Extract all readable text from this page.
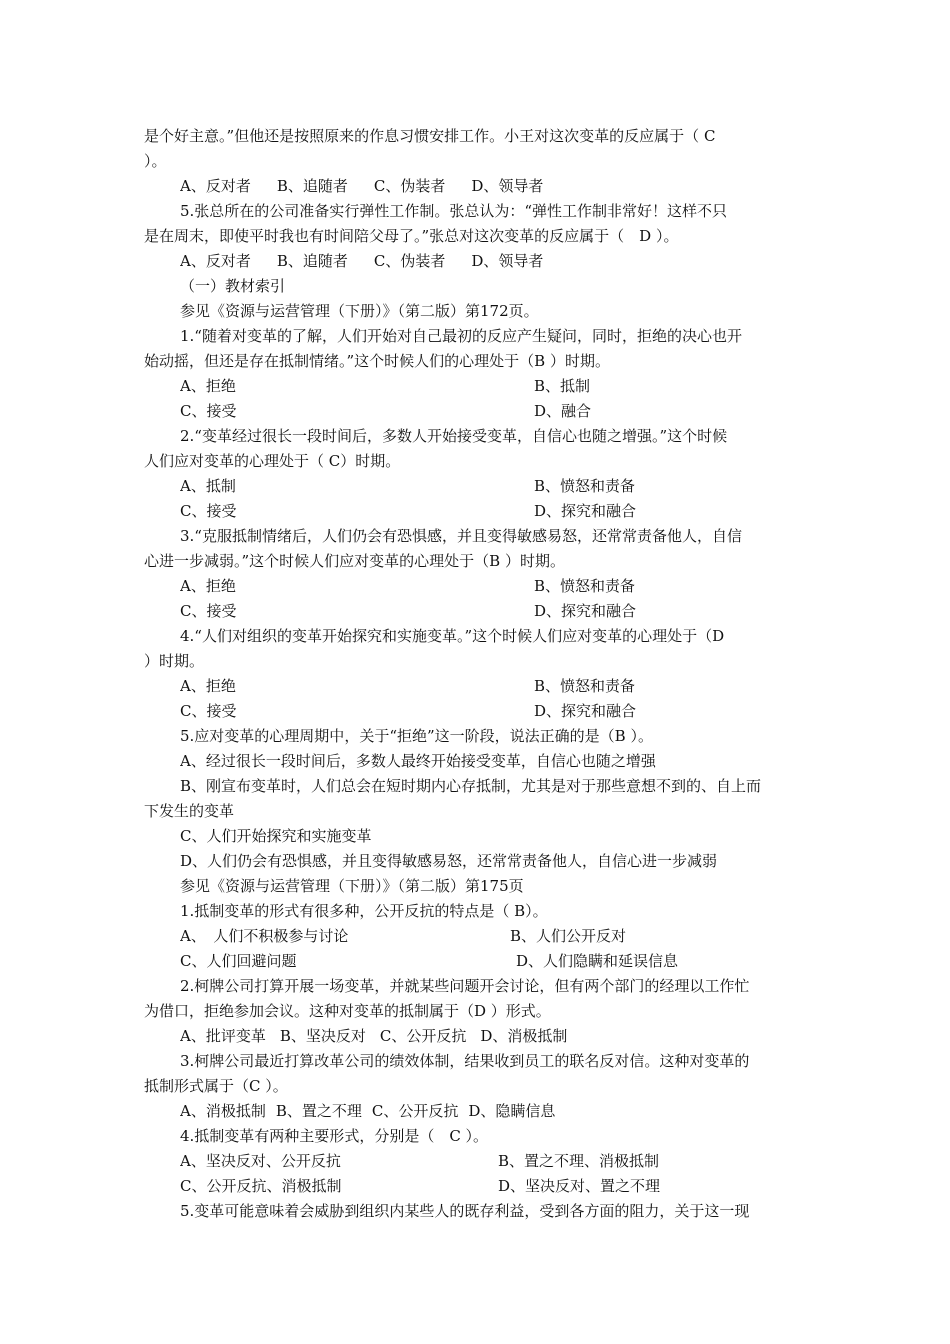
是个好主意。”但他还是按照原来的作息习惯安排工作。小王对这次变革的反应属于（ C
）。
A、反对者 B、追随者 C、伪装者 D、领导者
5.张总所在的公司准备实行弹性工作制。张总认为：“弹性工作制非常好！这样不只
是在周末，即使平时我也有时间陪父母了。”张总对这次变革的反应属于（　D ）。
A、反对者 B、追随者 C、伪装者 D、领导者
（一）教材索引
参见《资源与运营管理（下册）》（第二版）第172页。
1.“随着对变革的了解，人们开始对自己最初的反应产生疑问，同时，拒绝的决心也开
始动摇，但还是存在抵制情绪。”这个时候人们的心理处于（B ）时期。
A、拒绝	B、抵制
C、接受	D、融合
2.“变革经过很长一段时间后，多数人开始接受变革，自信心也随之增强。”这个时候
人们应对变革的心理处于（ C）时期。
A、抵制	B、愤怒和责备
C、接受	D、探究和融合
3.“克服抵制情绪后，人们仍会有恐惧感，并且变得敏感易怒，还常常责备他人，自信
心进一步减弱。”这个时候人们应对变革的心理处于（B ）时期。
A、拒绝	B、愤怒和责备
C、接受	D、探究和融合
4.“人们对组织的变革开始探究和实施变革。”这个时候人们应对变革的心理处于（D
）时期。
A、拒绝	B、愤怒和责备
C、接受	D、探究和融合
5.应对变革的心理周期中，关于“拒绝”这一阶段，说法正确的是（B ）。
A、经过很长一段时间后，多数人最终开始接受变革，自信心也随之增强
B、刚宣布变革时，人们总会在短时期内心存抵制，尤其是对于那些意想不到的、自上而
下发生的变革
C、人们开始探究和实施变革
D、人们仍会有恐惧感，并且变得敏感易怒，还常常责备他人，自信心进一步减弱
参见《资源与运营管理（下册）》（第二版）第175页
1.抵制变革的形式有很多种，公开反抗的特点是（ B）。
A、　人们不积极参与讨论	B、人们公开反对
C、人们回避问题	D、人们隐瞒和延误信息
2.柯牌公司打算开展一场变革，并就某些问题开会讨论，但有两个部门的经理以工作忙
为借口，拒绝参加会议。这种对变革的抵制属于（D ）形式。
A、批评变革 B、坚决反对 C、公开反抗 D、消极抵制
3.柯牌公司最近打算改革公司的绩效体制，结果收到员工的联名反对信。这种对变革的
抵制形式属于（C ）。
A、消极抵制 B、置之不理 C、公开反抗 D、隐瞒信息
4.抵制变革有两种主要形式，分别是（　C ）。
A、坚决反对、公开反抗	B、置之不理、消极抵制
C、公开反抗、消极抵制	D、坚决反对、置之不理
5.变革可能意味着会威胁到组织内某些人的既存利益，受到各方面的阻力，关于这一现
